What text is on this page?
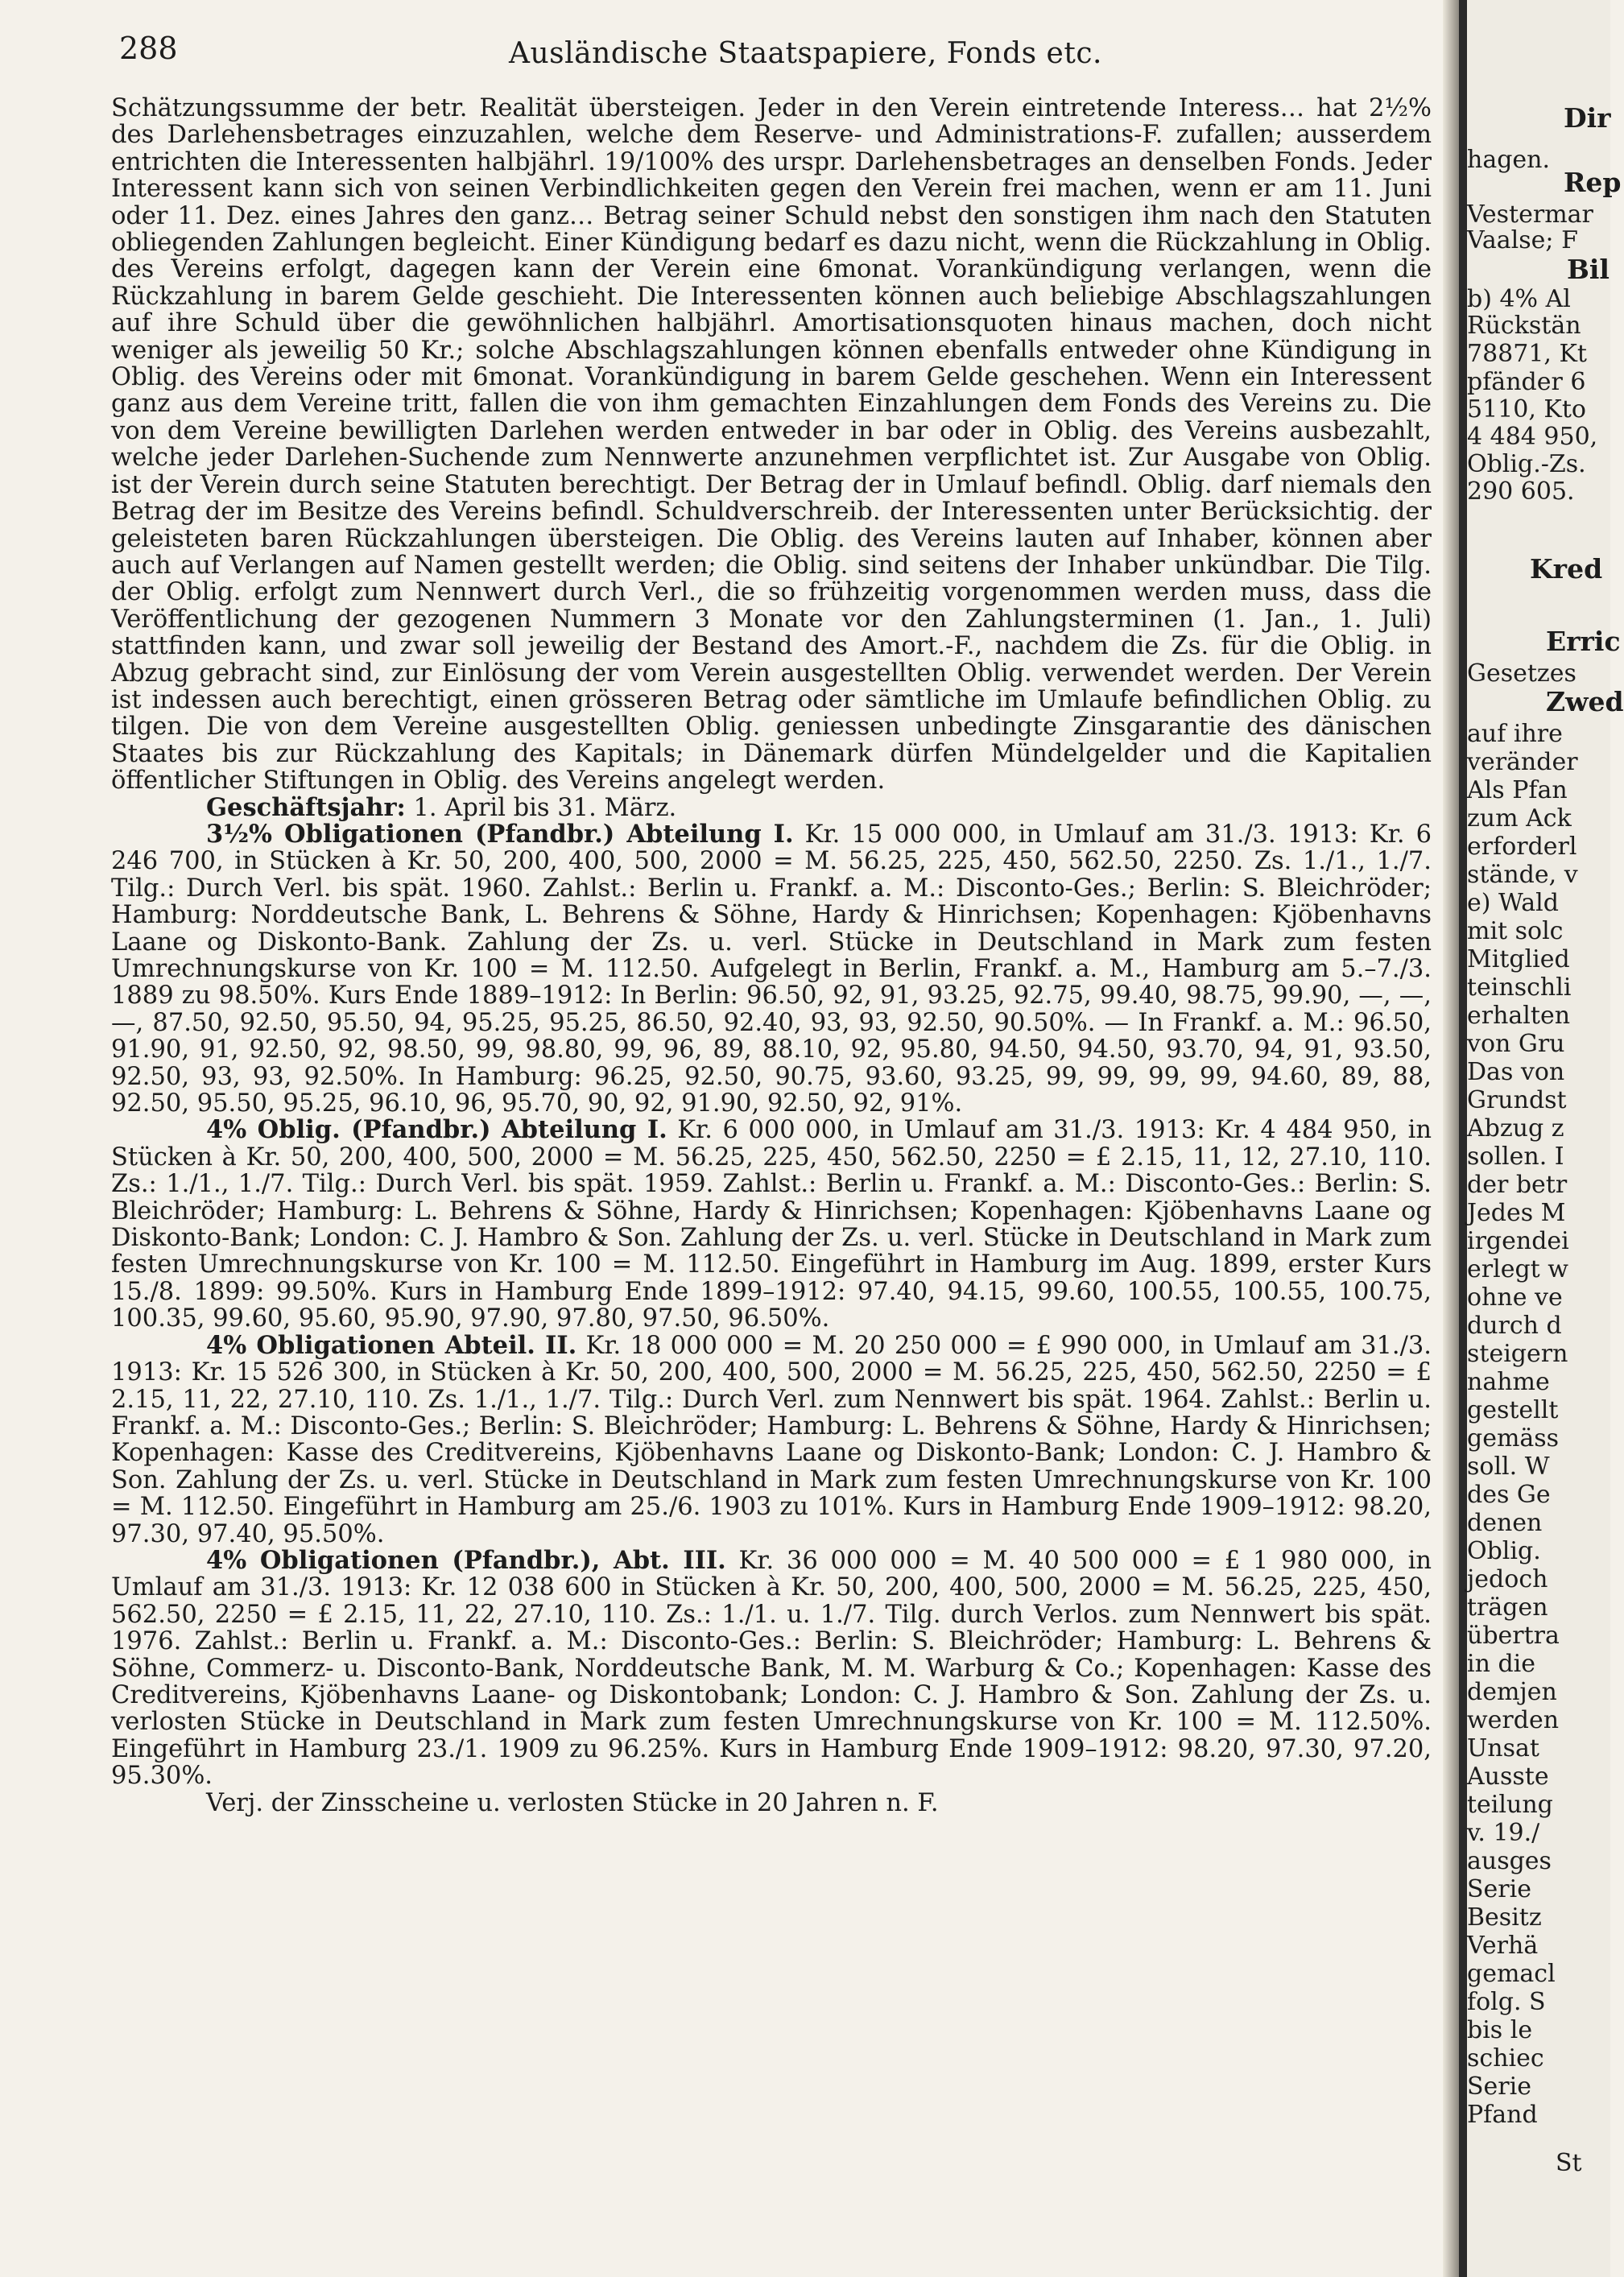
288	Ausländische Staatspapiere, Fonds etc.

Schätzungssumme der betr. Realität übersteigen. Jeder in den Verein eintretende Interess… hat 2½% des Darlehensbetrages einzuzahlen, welche dem Reserve- und Administrations-F. zufallen; ausserdem entrichten die Interessenten halbjährl. 19/100% des urspr. Darlehensbetrages an denselben Fonds. Jeder Interessent kann sich von seinen Verbindlichkeiten gegen den Verein frei machen, wenn er am 11. Juni oder 11. Dez. eines Jahres den ganz… Betrag seiner Schuld nebst den sonstigen ihm nach den Statuten obliegenden Zahlungen begleicht. Einer Kündigung bedarf es dazu nicht, wenn die Rückzahlung in Oblig. des Vereins erfolgt, dagegen kann der Verein eine 6monat. Vorankündigung verlangen, wenn die Rückzahlung in barem Gelde geschieht. Die Interessenten können auch beliebige Abschlagszahlungen auf ihre Schuld über die gewöhnlichen halbjährl. Amortisationsquoten hinaus machen, doch nicht weniger als jeweilig 50 Kr.; solche Abschlagszahlungen können ebenfalls entweder ohne Kündigung in Oblig. des Vereins oder mit 6monat. Vorankündigung in barem Gelde geschehen. Wenn ein Interessent ganz aus dem Vereine tritt, fallen die von ihm gemachten Einzahlungen dem Fonds des Vereins zu. Die von dem Vereine bewilligten Darlehen werden entweder in bar oder in Oblig. des Vereins ausbezahlt, welche jeder Darlehen-Suchende zum Nennwerte anzunehmen verpflichtet ist. Zur Ausgabe von Oblig. ist der Verein durch seine Statuten berechtigt. Der Betrag der in Umlauf befindl. Oblig. darf niemals den Betrag der im Besitze des Vereins befindl. Schuldverschreib. der Interessenten unter Berücksichtig. der geleisteten baren Rückzahlungen übersteigen. Die Oblig. des Vereins lauten auf Inhaber, können aber auch auf Verlangen auf Namen gestellt werden; die Oblig. sind seitens der Inhaber unkündbar. Die Tilg. der Oblig. erfolgt zum Nennwert durch Verl., die so frühzeitig vorgenommen werden muss, dass die Veröffentlichung der gezogenen Nummern 3 Monate vor den Zahlungsterminen (1. Jan., 1. Juli) stattfinden kann, und zwar soll jeweilig der Bestand des Amort.-F., nachdem die Zs. für die Oblig. in Abzug gebracht sind, zur Einlösung der vom Verein ausgestellten Oblig. verwendet werden. Der Verein ist indessen auch berechtigt, einen grösseren Betrag oder sämtliche im Umlaufe befindlichen Oblig. zu tilgen. Die von dem Vereine ausgestellten Oblig. geniessen unbedingte Zinsgarantie des dänischen Staates bis zur Rückzahlung des Kapitals; in Dänemark dürfen Mündelgelder und die Kapitalien öffentlicher Stiftungen in Oblig. des Vereins angelegt werden.

Geschäftsjahr: 1. April bis 31. März.

3½% Obligationen (Pfandbr.) Abteilung I. Kr. 15 000 000, in Umlauf am 31./3. 1913: Kr. 6 246 700, in Stücken à Kr. 50, 200, 400, 500, 2000 = M. 56.25, 225, 450, 562.50, 2250. Zs. 1./1., 1./7. Tilg.: Durch Verl. bis spät. 1960. Zahlst.: Berlin u. Frankf. a. M.: Disconto-Ges.; Berlin: S. Bleichröder; Hamburg: Norddeutsche Bank, L. Behrens & Söhne, Hardy & Hinrichsen; Kopenhagen: Kjöbenhavns Laane og Diskonto-Bank. Zahlung der Zs. u. verl. Stücke in Deutschland in Mark zum festen Umrechnungskurse von Kr. 100 = M. 112.50. Aufgelegt in Berlin, Frankf. a. M., Hamburg am 5.–7./3. 1889 zu 98.50%. Kurs Ende 1889–1912: In Berlin: 96.50, 92, 91, 93.25, 92.75, 99.40, 98.75, 99.90, —, —, —, 87.50, 92.50, 95.50, 94, 95.25, 95.25, 86.50, 92.40, 93, 93, 92.50, 90.50%. — In Frankf. a. M.: 96.50, 91.90, 91, 92.50, 92, 98.50, 99, 98.80, 99, 96, 89, 88.10, 92, 95.80, 94.50, 94.50, 93.70, 94, 91, 93.50, 92.50, 93, 93, 92.50%. In Hamburg: 96.25, 92.50, 90.75, 93.60, 93.25, 99, 99, 99, 99, 94.60, 89, 88, 92.50, 95.50, 95.25, 96.10, 96, 95.70, 90, 92, 91.90, 92.50, 92, 91%.

4% Oblig. (Pfandbr.) Abteilung I. Kr. 6 000 000, in Umlauf am 31./3. 1913: Kr. 4 484 950, in Stücken à Kr. 50, 200, 400, 500, 2000 = M. 56.25, 225, 450, 562.50, 2250 = £ 2.15, 11, 12, 27.10, 110. Zs.: 1./1., 1./7. Tilg.: Durch Verl. bis spät. 1959. Zahlst.: Berlin u. Frankf. a. M.: Disconto-Ges.: Berlin: S. Bleichröder; Hamburg: L. Behrens & Söhne, Hardy & Hinrichsen; Kopenhagen: Kjöbenhavns Laane og Diskonto-Bank; London: C. J. Hambro & Son. Zahlung der Zs. u. verl. Stücke in Deutschland in Mark zum festen Umrechnungskurse von Kr. 100 = M. 112.50. Eingeführt in Hamburg im Aug. 1899, erster Kurs 15./8. 1899: 99.50%. Kurs in Hamburg Ende 1899–1912: 97.40, 94.15, 99.60, 100.55, 100.55, 100.75, 100.35, 99.60, 95.60, 95.90, 97.90, 97.80, 97.50, 96.50%.

4% Obligationen Abteil. II. Kr. 18 000 000 = M. 20 250 000 = £ 990 000, in Umlauf am 31./3. 1913: Kr. 15 526 300, in Stücken à Kr. 50, 200, 400, 500, 2000 = M. 56.25, 225, 450, 562.50, 2250 = £ 2.15, 11, 22, 27.10, 110. Zs. 1./1., 1./7. Tilg.: Durch Verl. zum Nennwert bis spät. 1964. Zahlst.: Berlin u. Frankf. a. M.: Disconto-Ges.; Berlin: S. Bleichröder; Hamburg: L. Behrens & Söhne, Hardy & Hinrichsen; Kopenhagen: Kasse des Creditvereins, Kjöbenhavns Laane og Diskonto-Bank; London: C. J. Hambro & Son. Zahlung der Zs. u. verl. Stücke in Deutschland in Mark zum festen Umrechnungskurse von Kr. 100 = M. 112.50. Eingeführt in Hamburg am 25./6. 1903 zu 101%. Kurs in Hamburg Ende 1909–1912: 98.20, 97.30, 97.40, 95.50%.

4% Obligationen (Pfandbr.), Abt. III. Kr. 36 000 000 = M. 40 500 000 = £ 1 980 000, in Umlauf am 31./3. 1913: Kr. 12 038 600 in Stücken à Kr. 50, 200, 400, 500, 2000 = M. 56.25, 225, 450, 562.50, 2250 = £ 2.15, 11, 22, 27.10, 110. Zs.: 1./1. u. 1./7. Tilg. durch Verlos. zum Nennwert bis spät. 1976. Zahlst.: Berlin u. Frankf. a. M.: Disconto-Ges.: Berlin: S. Bleichröder; Hamburg: L. Behrens & Söhne, Commerz- u. Disconto-Bank, Norddeutsche Bank, M. M. Warburg & Co.; Kopenhagen: Kasse des Creditvereins, Kjöbenhavns Laane- og Diskontobank; London: C. J. Hambro & Son. Zahlung der Zs. u. verlosten Stücke in Deutschland in Mark zum festen Umrechnungskurse von Kr. 100 = M. 112.50%. Eingeführt in Hamburg 23./1. 1909 zu 96.25%. Kurs in Hamburg Ende 1909–1912: 98.20, 97.30, 97.20, 95.30%.

Verj. der Zinsscheine u. verlosten Stücke in 20 Jahren n. F.

Dir
hagen.
Rep
Vestermar
Vaalse; F
Bil
b) 4% Al
Rückstän
78871, Kt
pfänder 6
5110, Kto
4 484 950,
Oblig.-Zs.
290 605.
Kred
Erric
Gesetzes
Zwed
auf ihre
veränder
Als Pfan
zum Ack
erforderl
stände, v
e) Wald
mit solc
Mitglied
teinschli
erhalten
von Gru
Das von
Grundst
Abzug z
sollen. I
der betr
Jedes M
irgendei
erlegt w
ohne ve
durch d
steigern
nahme
gestellt
gemäss
soll. W
des Ge
denen
Oblig.
jedoch
trägen
übertra
in die
demjen
werden
Unsat
Ausste
teilung
v. 19./
ausges
Serie
Besitz
Verhä
gemacl
folg. S
bis le
schiec
Serie
Pfand
St
